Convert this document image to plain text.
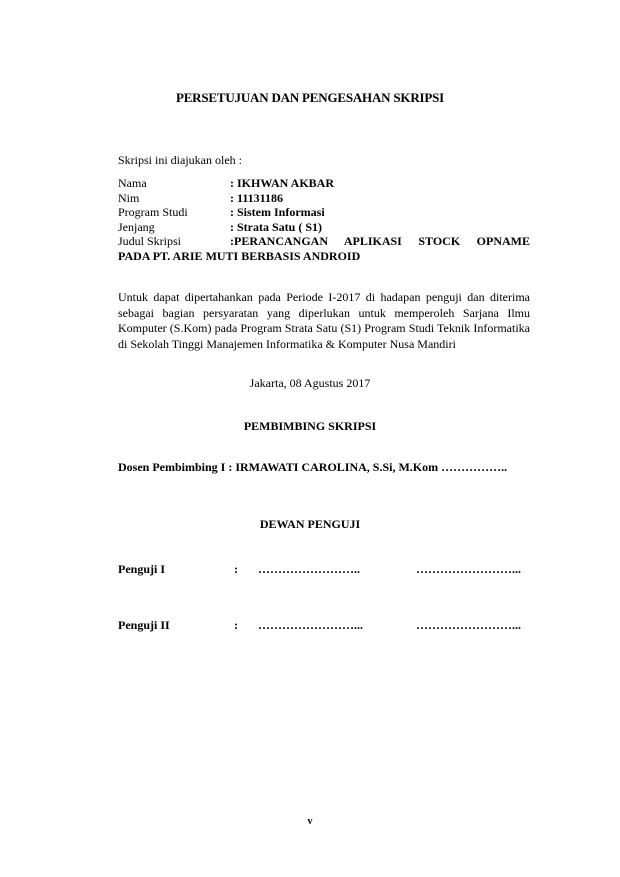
PERSETUJUAN DAN PENGESAHAN SKRIPSI
Skripsi ini diajukan oleh :
Nama	: IKHWAN AKBAR
Nim	: 11131186
Program Studi	: Sistem Informasi
Jenjang	: Strata Satu ( S1)
Judul Skripsi	:PERANCANGAN APLIKASI STOCK OPNAME
PADA PT. ARIE MUTI BERBASIS ANDROID
Untuk dapat dipertahankan pada Periode I-2017 di hadapan penguji dan diterima sebagai bagian persyaratan yang diperlukan untuk memperoleh Sarjana Ilmu Komputer (S.Kom) pada Program Strata Satu (S1) Program Studi Teknik Informatika di Sekolah Tinggi Manajemen Informatika & Komputer Nusa Mandiri
Jakarta, 08 Agustus 2017
PEMBIMBING SKRIPSI
Dosen Pembimbing I : IRMAWATI CAROLINA, S.Si, M.Kom ……………..
DEWAN PENGUJI
Penguji I	: ……………………..	……………………...
Penguji II	: ……………………...	……………………...
v
